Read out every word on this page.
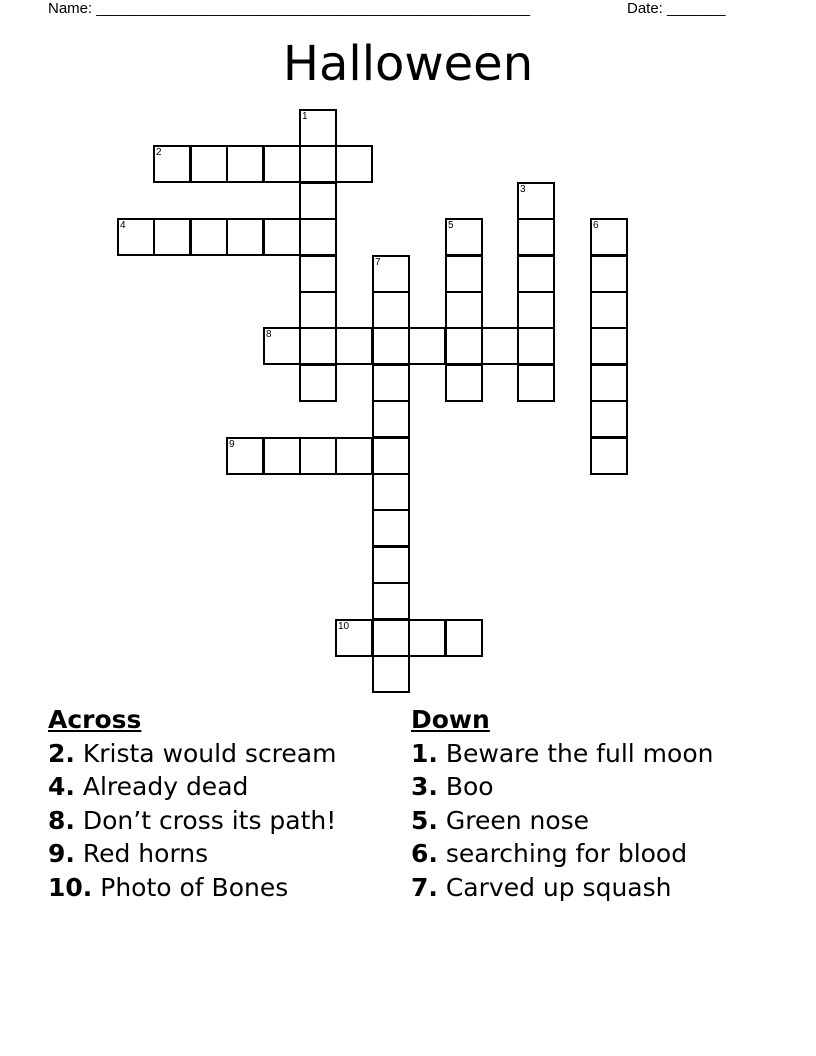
Name: ____________________________________________________	Date: _______
Halloween
1
2
3
4	5	6
7
8
9
10
Across
2. Krista would scream
4. Already dead
8. Don’t cross its path!
9. Red horns
10. Photo of Bones
Down
1. Beware the full moon
3. Boo
5. Green nose
6. searching for blood
7. Carved up squash
